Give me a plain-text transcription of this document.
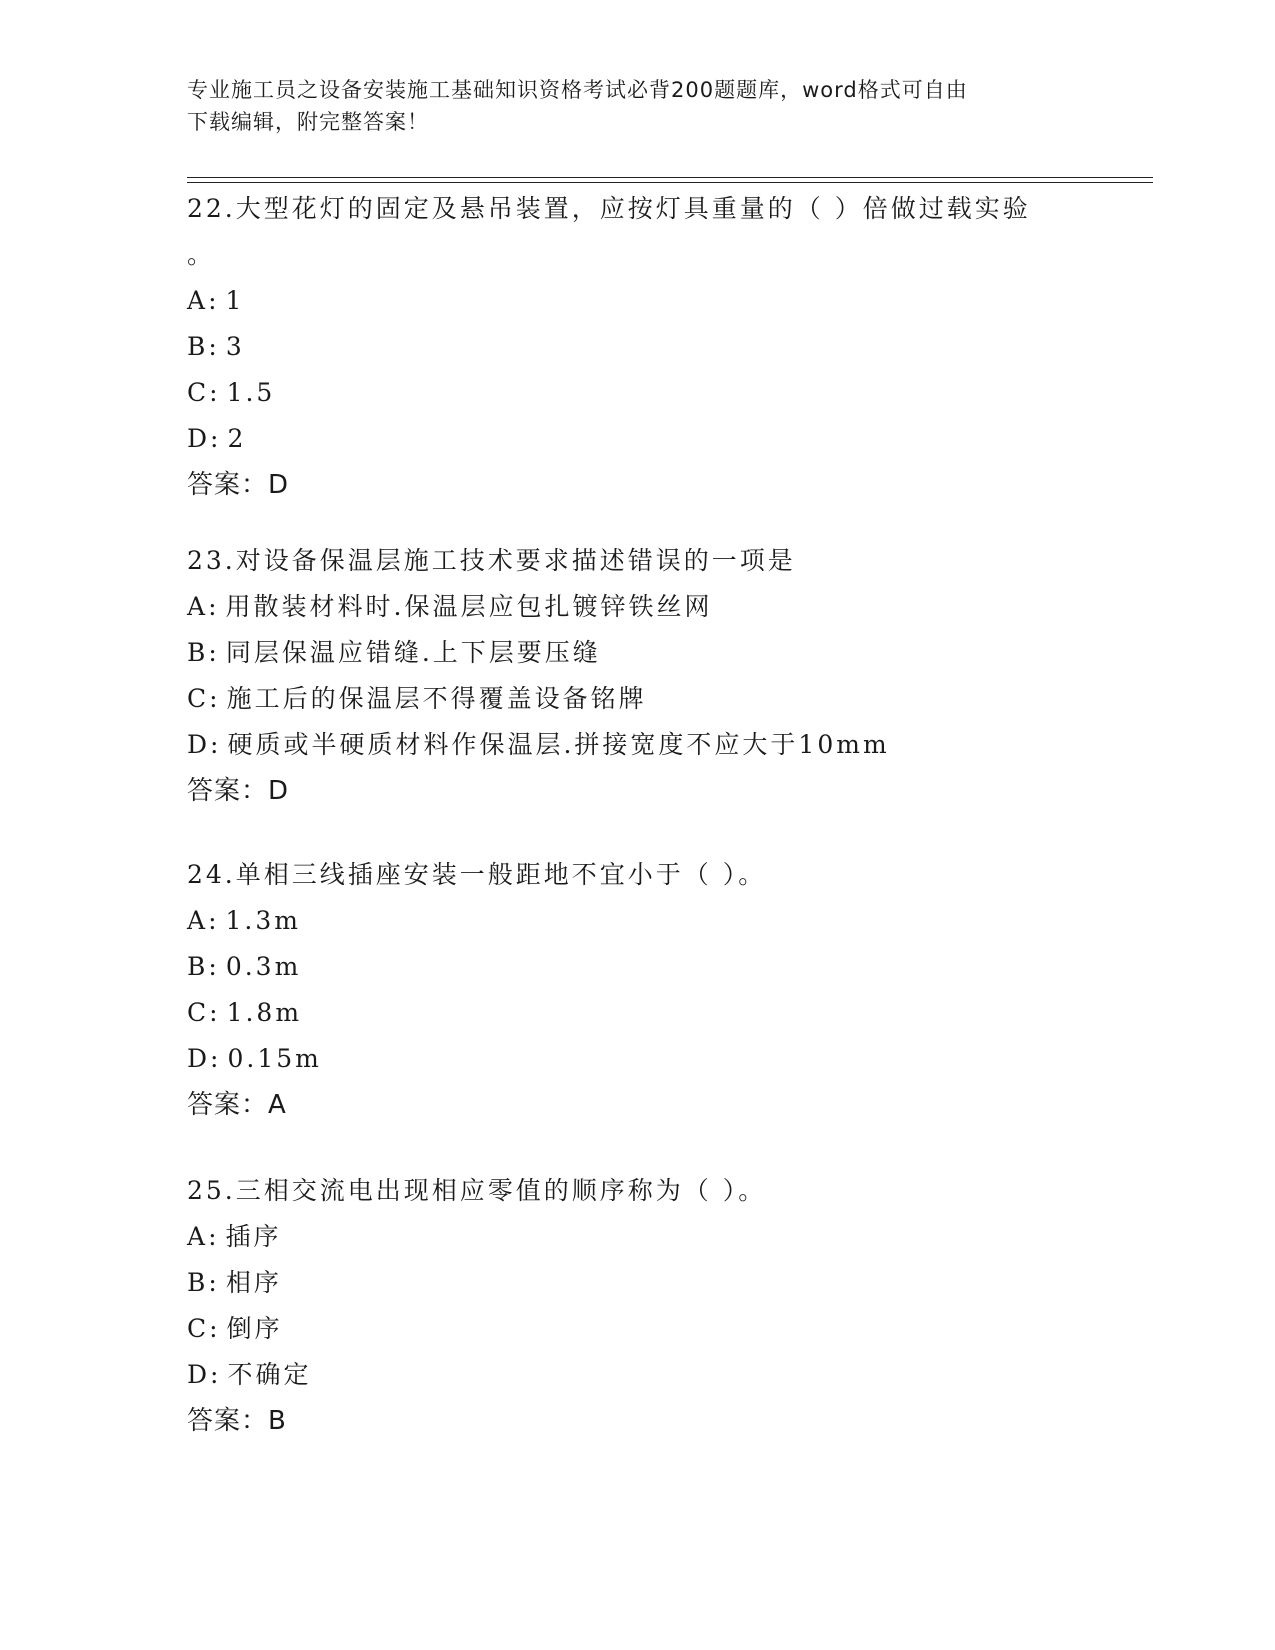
专业施工员之设备安装施工基础知识资格考试必背200题题库，word格式可自由
下载编辑，附完整答案！
22.大型花灯的固定及悬吊装置，应按灯具重量的（ ）倍做过载实验
。
A: 1
B: 3
C: 1.5
D: 2
答案：D
23.对设备保温层施工技术要求描述错误的一项是
A: 用散装材料时.保温层应包扎镀锌铁丝网
B: 同层保温应错缝.上下层要压缝
C: 施工后的保温层不得覆盖设备铭牌
D: 硬质或半硬质材料作保温层.拼接宽度不应大于10mm
答案：D
24.单相三线插座安装一般距地不宜小于（ ）。
A: 1.3m
B: 0.3m
C: 1.8m
D: 0.15m
答案：A
25.三相交流电出现相应零值的顺序称为（ ）。
A: 插序
B: 相序
C: 倒序
D: 不确定
答案：B
